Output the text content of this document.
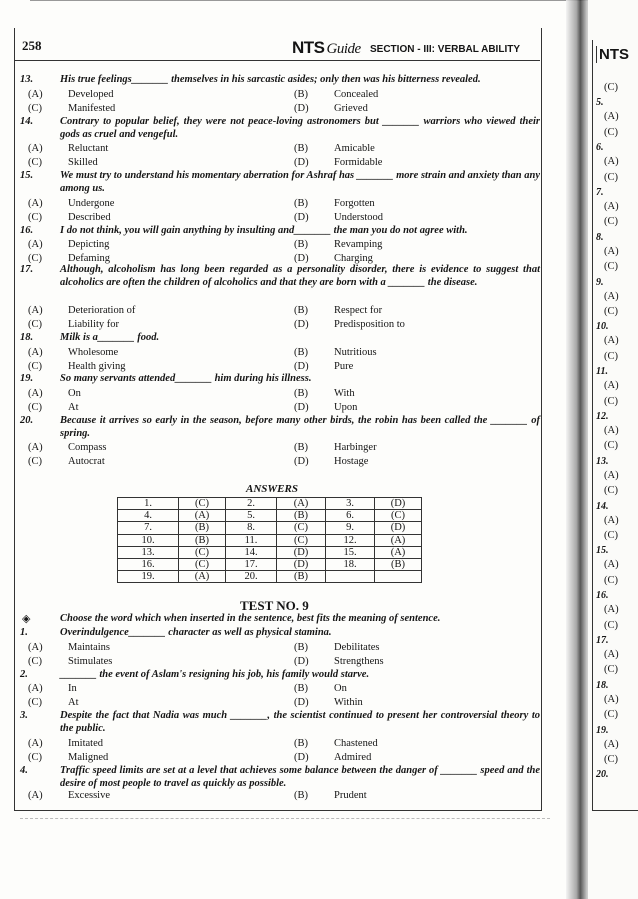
258	NTS Guide SECTION - III: VERBAL ABILITY
13.	His true feelings_______ themselves in his sarcastic asides; only then was his bitterness revealed.
(A) Developed	(B) Concealed
(C) Manifested	(D) Grieved
14.	Contrary to popular belief, they were not peace-loving astronomers but _______ warriors who viewed their gods as cruel and vengeful.
(A) Reluctant	(B) Amicable
(C) Skilled	(D) Formidable
15.	We must try to understand his momentary aberration for Ashraf has _______ more strain and anxiety than any among us.
(A) Undergone	(B) Forgotten
(C) Described	(D) Understood
16.	I do not think, you will gain anything by insulting and_______ the man you do not agree with.
(A) Depicting	(B) Revamping
(C) Defaming	(D) Charging
17.	Although, alcoholism has long been regarded as a personality disorder, there is evidence to suggest that alcoholics are often the children of alcoholics and that they are born with a _______ the disease.
(A) Deterioration of	(B) Respect for
(C) Liability for	(D) Predisposition to
18.	Milk is a_______ food.
(A) Wholesome	(B) Nutritious
(C) Health giving	(D) Pure
19.	So many servants attended_______ him during his illness.
(A) On	(B) With
(C) At	(D) Upon
20.	Because it arrives so early in the season, before many other birds, the robin has been called the _______ of spring.
(A) Compass	(B) Harbinger
(C) Autocrat	(D) Hostage
ANSWERS
1.	(C)	2.	(A)	3.	(D)
4.	(A)	5.	(B)	6.	(C)
7.	(B)	8.	(C)	9.	(D)
10.	(B)	11.	(C)	12.	(A)
13.	(C)	14.	(D)	15.	(A)
16.	(C)	17.	(D)	18.	(B)
19.	(A)	20.	(B)		
TEST NO. 9
◈	Choose the word which when inserted in the sentence, best fits the meaning of sentence.
1.	Overindulgence_______ character as well as physical stamina.
(A) Maintains	(B) Debilitates
(C) Stimulates	(D) Strengthens
2.	_______ the event of Aslam's resigning his job, his family would starve.
(A) In	(B) On
(C) At	(D) Within
3.	Despite the fact that Nadia was much _______, the scientist continued to present her controversial theory to the public.
(A) Imitated	(B) Chastened
(C) Maligned	(D) Admired
4.	Traffic speed limits are set at a level that achieves some balance between the danger of _______ speed and the desire of most people to travel as quickly as possible.
(A) Excessive	(B) Prudent
NTS
(C)
5.
(A)
(C)
6.
(A)
(C)
7.
(A)
(C)
8.
(A)
(C)
9.
(A)
(C)
10.
(A)
(C)
11.
(A)
(C)
12.
(A)
(C)
13.
(A)
(C)
14.
(A)
(C)
15.
(A)
(C)
16.
(A)
(C)
17.
(A)
(C)
18.
(A)
(C)
19.
(A)
(C)
20.
